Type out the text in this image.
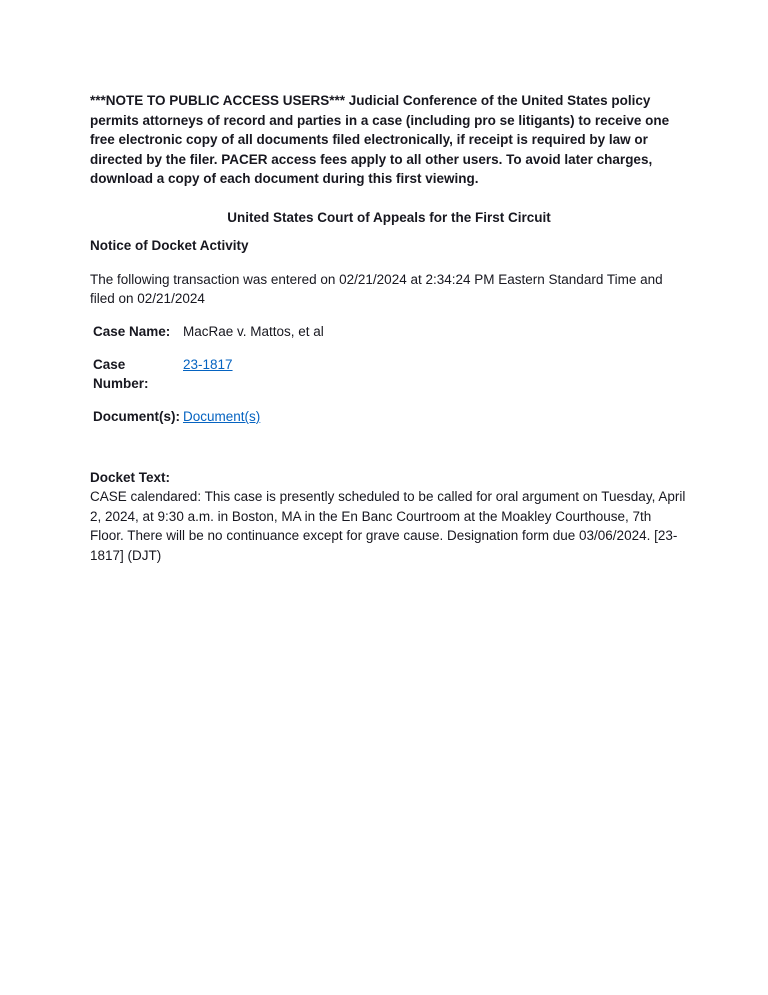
***NOTE TO PUBLIC ACCESS USERS*** Judicial Conference of the United States policy permits attorneys of record and parties in a case (including pro se litigants) to receive one free electronic copy of all documents filed electronically, if receipt is required by law or directed by the filer. PACER access fees apply to all other users. To avoid later charges, download a copy of each document during this first viewing.

United States Court of Appeals for the First Circuit
Notice of Docket Activity

The following transaction was entered on 02/21/2024 at 2:34:24 PM Eastern Standard Time and filed on 02/21/2024

Case Name: MacRae v. Mattos, et al
Case Number:
23-1817
Document(s): Document(s)
Docket Text:
CASE calendared: This case is presently scheduled to be called for oral argument on Tuesday, April 2, 2024, at 9:30 a.m. in Boston, MA in the En Banc Courtroom at the Moakley Courthouse, 7th Floor. There will be no continuance except for grave cause. Designation form due 03/06/2024. [23-1817] (DJT)
